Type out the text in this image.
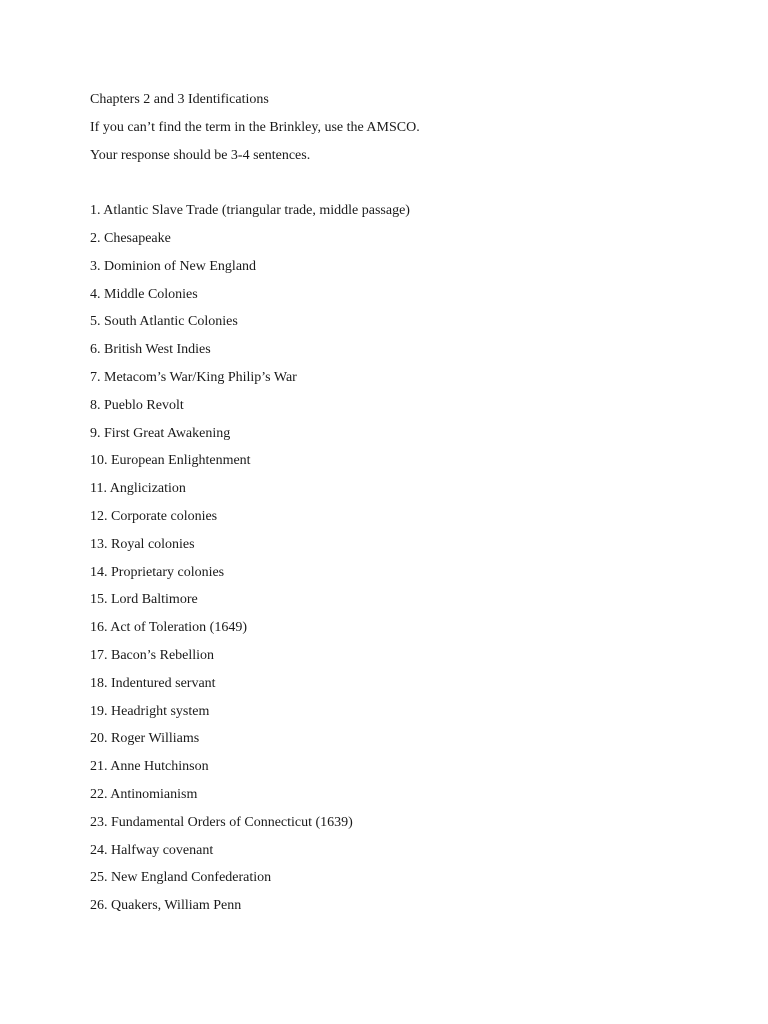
Chapters 2 and 3 Identifications
If you can’t find the term in the Brinkley, use the AMSCO.
Your response should be 3-4 sentences.
1. Atlantic Slave Trade (triangular trade, middle passage)
2. Chesapeake
3. Dominion of New England
4. Middle Colonies
5. South Atlantic Colonies
6. British West Indies
7. Metacom’s War/King Philip’s War
8. Pueblo Revolt
9. First Great Awakening
10. European Enlightenment
11. Anglicization
12. Corporate colonies
13. Royal colonies
14. Proprietary colonies
15. Lord Baltimore
16. Act of Toleration (1649)
17. Bacon’s Rebellion
18. Indentured servant
19. Headright system
20. Roger Williams
21. Anne Hutchinson
22. Antinomianism
23. Fundamental Orders of Connecticut (1639)
24. Halfway covenant
25. New England Confederation
26. Quakers, William Penn
